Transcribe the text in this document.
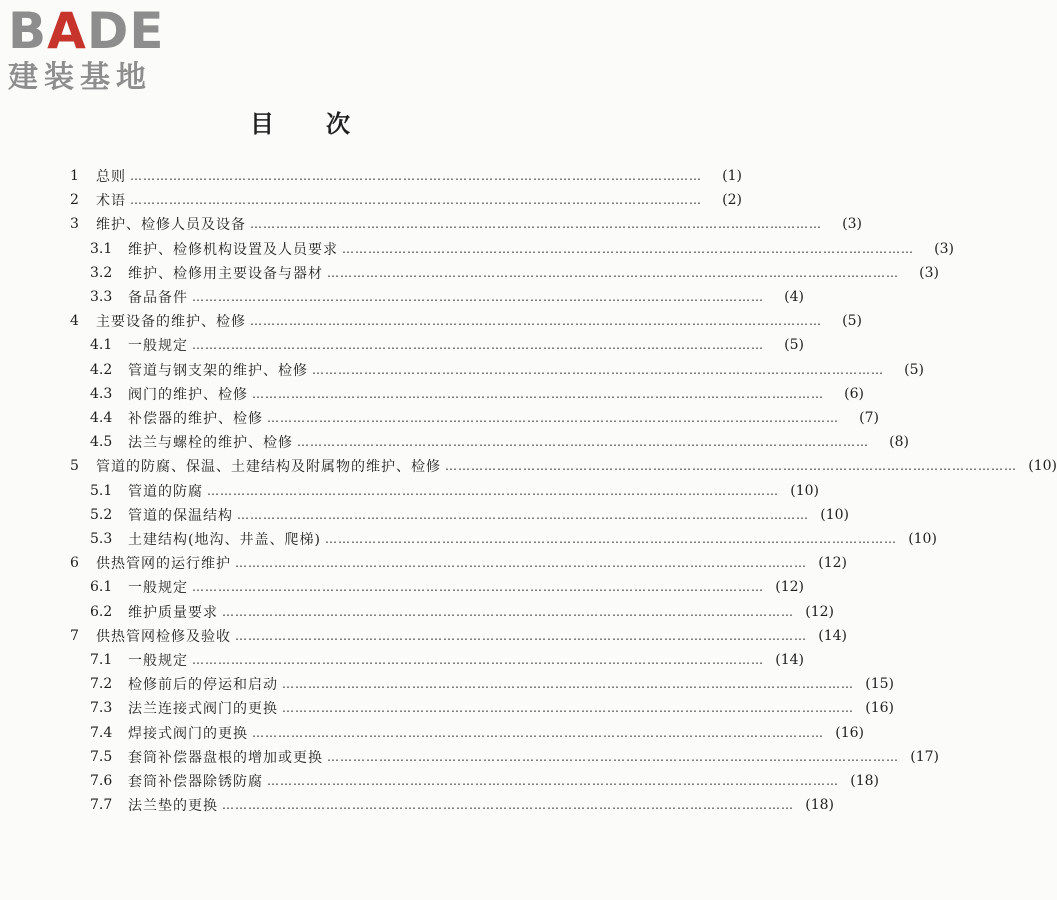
BADE
建装基地
目次
1	总则 ……………………………………………………………………………………………………………………	(1)
2	术语 ……………………………………………………………………………………………………………………	(2)
3	维护、检修人员及设备 ……………………………………………………………………………………………………………………	(3)
3.1	维护、检修机构设置及人员要求 ……………………………………………………………………………………………………………………	(3)
3.2	维护、检修用主要设备与器材 ……………………………………………………………………………………………………………………	(3)
3.3	备品备件 ……………………………………………………………………………………………………………………	(4)
4	主要设备的维护、检修 ……………………………………………………………………………………………………………………	(5)
4.1	一般规定 ……………………………………………………………………………………………………………………	(5)
4.2	管道与钢支架的维护、检修 ……………………………………………………………………………………………………………………	(5)
4.3	阀门的维护、检修 ……………………………………………………………………………………………………………………	(6)
4.4	补偿器的维护、检修 ……………………………………………………………………………………………………………………	(7)
4.5	法兰与螺栓的维护、检修 ……………………………………………………………………………………………………………………	(8)
5	管道的防腐、保温、土建结构及附属物的维护、检修 …………………………………………………………………………………………………………………… (10)
5.1	管道的防腐 …………………………………………………………………………………………………………………… (10)
5.2	管道的保温结构 …………………………………………………………………………………………………………………… (10)
5.3	土建结构(地沟、井盖、爬梯) …………………………………………………………………………………………………………………… (10)
6	供热管网的运行维护 …………………………………………………………………………………………………………………… (12)
6.1	一般规定 …………………………………………………………………………………………………………………… (12)
6.2	维护质量要求 …………………………………………………………………………………………………………………… (12)
7	供热管网检修及验收 …………………………………………………………………………………………………………………… (14)
7.1	一般规定 …………………………………………………………………………………………………………………… (14)
7.2	检修前后的停运和启动 …………………………………………………………………………………………………………………… (15)
7.3	法兰连接式阀门的更换 …………………………………………………………………………………………………………………… (16)
7.4	焊接式阀门的更换 …………………………………………………………………………………………………………………… (16)
7.5	套筒补偿器盘根的增加或更换 …………………………………………………………………………………………………………………… (17)
7.6	套筒补偿器除锈防腐 …………………………………………………………………………………………………………………… (18)
7.7	法兰垫的更换 …………………………………………………………………………………………………………………… (18)
